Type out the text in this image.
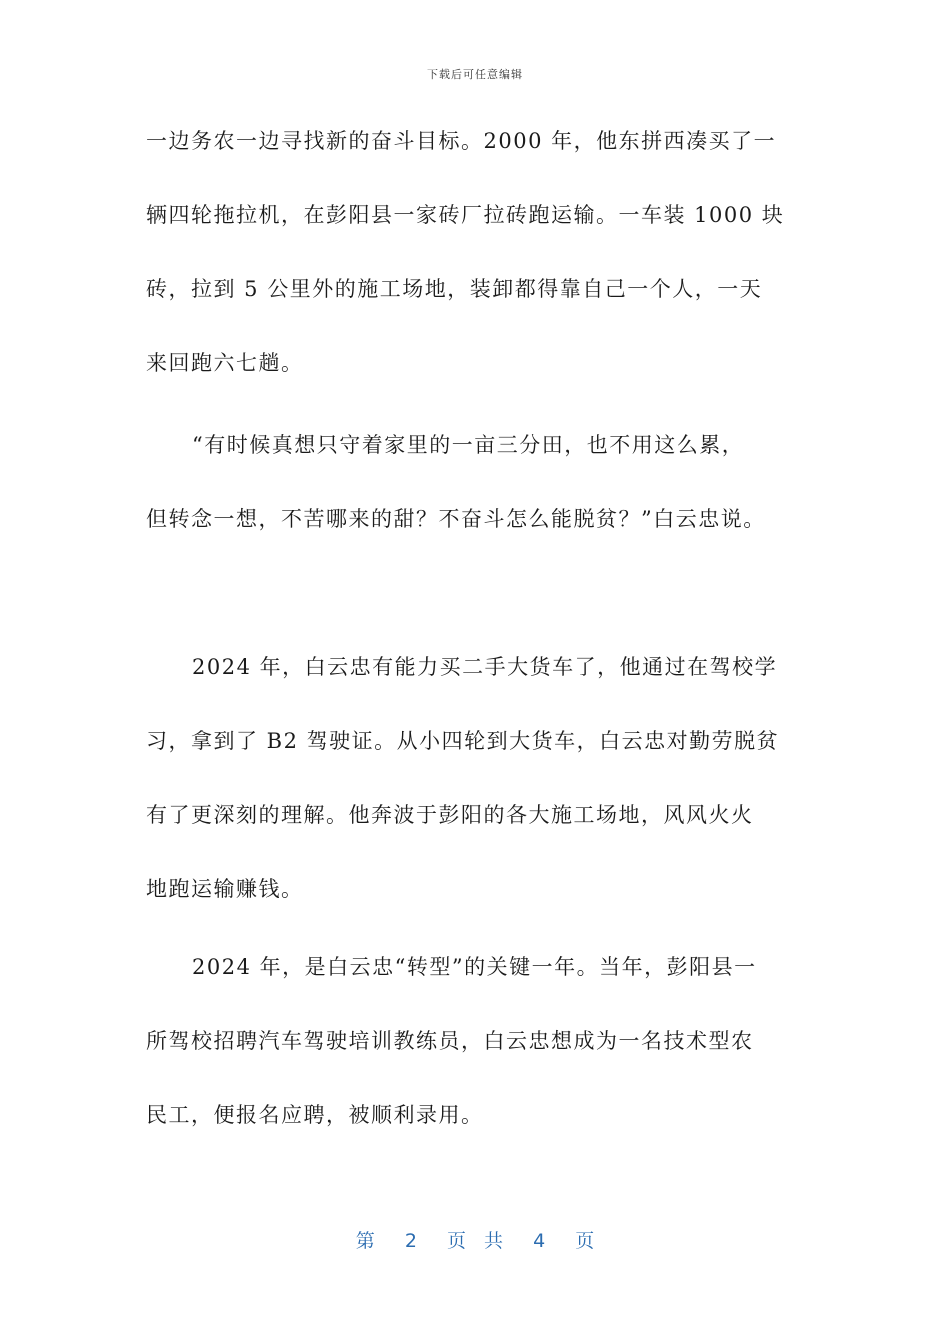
下载后可任意编辑

一边务农一边寻找新的奋斗目标。2000 年，他东拼西凑买了一
辆四轮拖拉机，在彭阳县一家砖厂拉砖跑运输。一车装 1000 块
砖，拉到 5 公里外的施工场地，装卸都得靠自己一个人，一天
来回跑六七趟。

“有时候真想只守着家里的一亩三分田，也不用这么累，
但转念一想，不苦哪来的甜？不奋斗怎么能脱贫？”白云忠说。

2024 年，白云忠有能力买二手大货车了，他通过在驾校学
习，拿到了 B2 驾驶证。从小四轮到大货车，白云忠对勤劳脱贫
有了更深刻的理解。他奔波于彭阳的各大施工场地，风风火火
地跑运输赚钱。

2024 年，是白云忠“转型”的关键一年。当年，彭阳县一
所驾校招聘汽车驾驶培训教练员，白云忠想成为一名技术型农
民工，便报名应聘，被顺利录用。

第 2 页 共 4 页
